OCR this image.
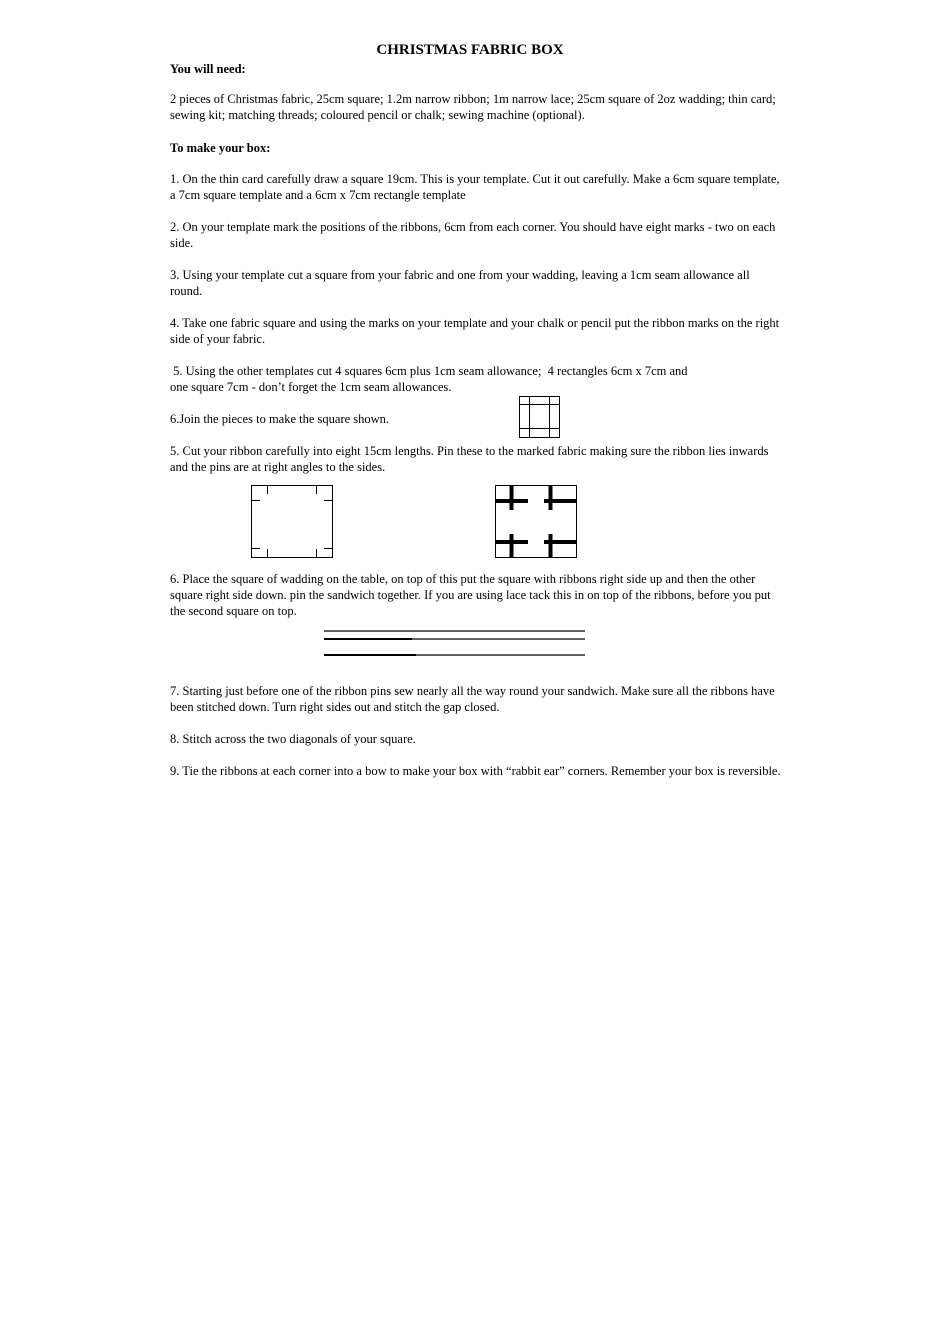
CHRISTMAS FABRIC BOX

You will need:

2 pieces of Christmas fabric, 25cm square; 1.2m narrow ribbon; 1m narrow lace; 25cm square of 2oz wadding; thin card; sewing kit; matching threads; coloured pencil or chalk; sewing machine (optional).

To make your box:

1. On the thin card carefully draw a square 19cm. This is your template. Cut it out carefully. Make a 6cm square template, a 7cm square template and a 6cm x 7cm rectangle template

2. On your template mark the positions of the ribbons, 6cm from each corner. You should have eight marks - two on each side.

3. Using your template cut a square from your fabric and one from your wadding, leaving a 1cm seam allowance all round.

4. Take one fabric square and using the marks on your template and your chalk or pencil put the ribbon marks on the right side of your fabric.

5. Using the other templates cut 4 squares 6cm plus 1cm seam allowance;  4 rectangles 6cm x 7cm and

one square 7cm - don’t forget the 1cm seam allowances.

6.Join the pieces to make the square shown.

5. Cut your ribbon carefully into eight 15cm lengths. Pin these to the marked fabric making sure the ribbon lies inwards and the pins are at right angles to the sides.

6. Place the square of wadding on the table, on top of this put the square with ribbons right side up and then the other square right side down. pin the sandwich together. If you are using lace tack this in on top of the ribbons, before you put the second square on top.

7. Starting just before one of the ribbon pins sew nearly all the way round your sandwich. Make sure all the ribbons have been stitched down. Turn right sides out and stitch the gap closed.

8. Stitch across the two diagonals of your square.

9. Tie the ribbons at each corner into a bow to make your box with “rabbit ear” corners. Remember your box is reversible.
